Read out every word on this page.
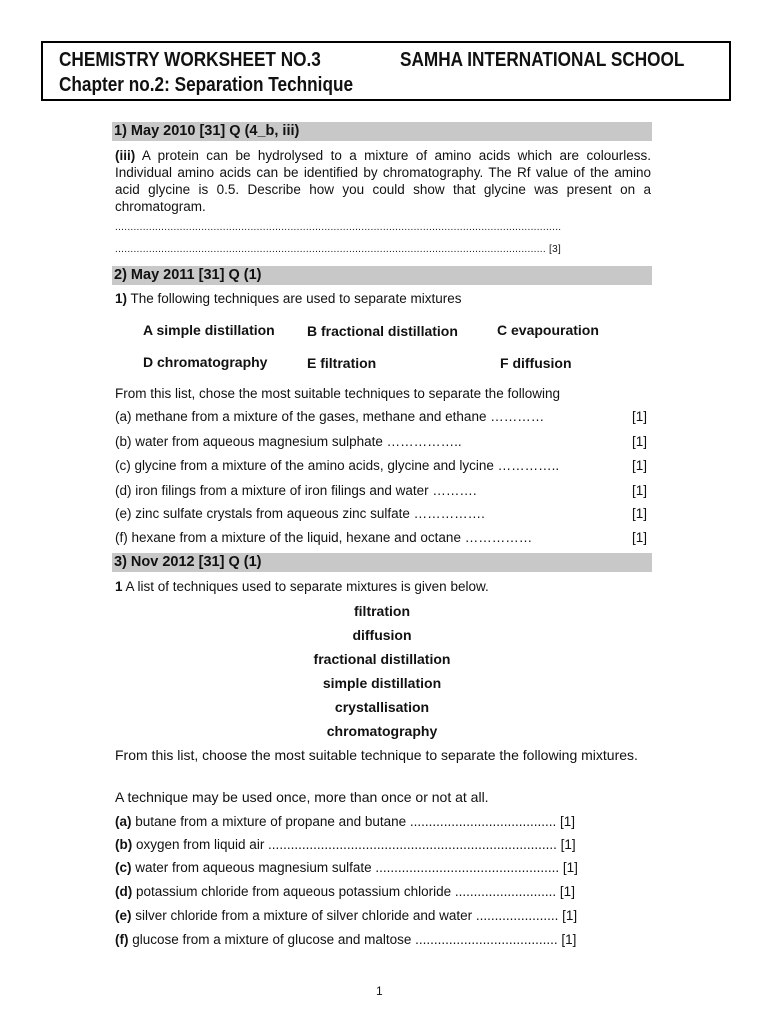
CHEMISTRY WORKSHEET NO.3	SAMHA INTERNATIONAL SCHOOL
Chapter no.2: Separation Technique
1) May 2010 [31] Q (4_b, iii)
(iii) A protein can be hydrolysed to a mixture of amino acids which are colourless. Individual amino acids can be identified by chromatography. The Rf value of the amino acid glycine is 0.5. Describe how you could show that glycine was present on a chromatogram.
.................................................................................................................................................
............................................................................................................................................ [3]
2) May 2011 [31] Q (1)
1) The following techniques are used to separate mixtures
A simple distillation B fractional distillation	C evapouration
D chromatography	E filtration	F diffusion
From this list, chose the most suitable techniques to separate the following
(a) methane from a mixture of the gases, methane and ethane …………	[1]
(b) water from aqueous magnesium sulphate ……………..	[1]
(c) glycine from a mixture of the amino acids, glycine and lycine …………..	[1]
(d) iron filings from a mixture of iron filings and water ……….	[1]
(e) zinc sulfate crystals from aqueous zinc sulfate …………….	[1]
(f) hexane from a mixture of the liquid, hexane and octane ……………	[1]
3) Nov 2012 [31] Q (1)
1 A list of techniques used to separate mixtures is given below.
filtration
diffusion
fractional distillation
simple distillation
crystallisation
chromatography
From this list, choose the most suitable technique to separate the following mixtures.
A technique may be used once, more than once or not at all.
(a) butane from a mixture of propane and butane ....................................... [1]
(b) oxygen from liquid air ............................................................................. [1]
(c) water from aqueous magnesium sulfate ................................................. [1]
(d) potassium chloride from aqueous potassium chloride ........................... [1]
(e) silver chloride from a mixture of silver chloride and water ...................... [1]
(f) glucose from a mixture of glucose and maltose ...................................... [1]
1
